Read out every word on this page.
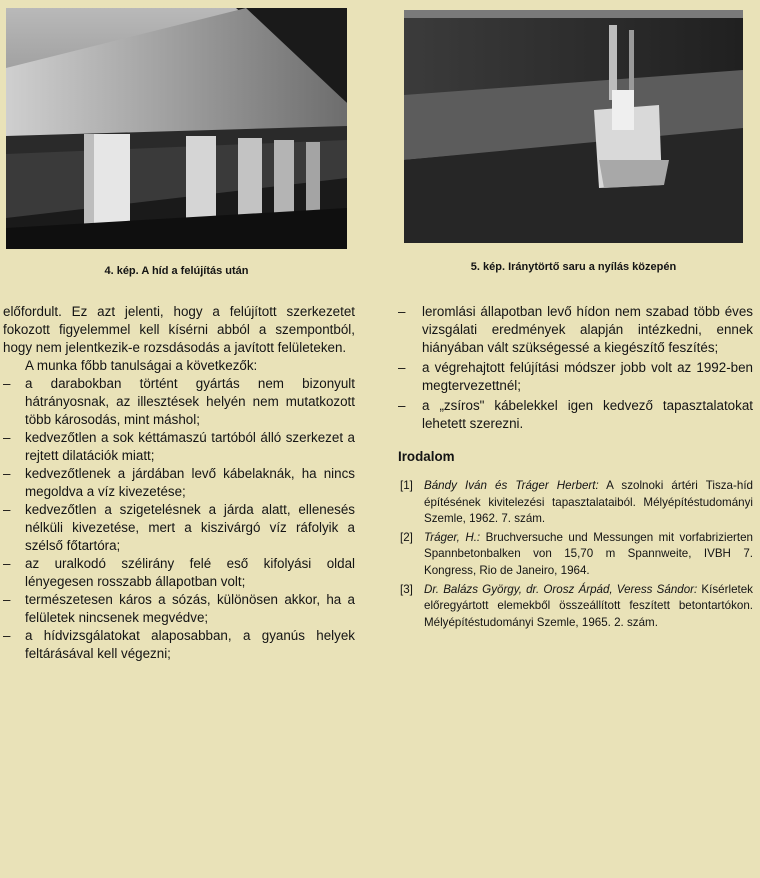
4. kép. A híd a felújítás után	5. kép. Iránytörtő saru a nyílás közepén

előfordult. Ez azt jelenti, hogy a felújított szerkezetet fokozott figyelemmel kell kísérni abból a szempontból, hogy nem jelentkezik-e rozsdásodás a javított felületeken.

A munka főbb tanulságai a következők:

– a darabokban történt gyártás nem bizonyult hátrányosnak, az illesztések helyén nem mutatkozott több károsodás, mint máshol;

– kedvezőtlen a sok kéttámaszú tartóból álló szerkezet a rejtett dilatációk miatt;

– kedvezőtlenek a járdában levő kábelaknák, ha nincs megoldva a víz kivezetése;

– kedvezőtlen a szigetelésnek a járda alatt, ellenesés nélküli kivezetése, mert a kiszivárgó víz ráfolyik a szélső főtartóra;

– az uralkodó szélirány felé eső kifolyási oldal lényegesen rosszabb állapotban volt;

– természetesen káros a sózás, különösen akkor, ha a felületek nincsenek megvédve;

– a hídvizsgálatokat alaposabban, a gyanús helyek feltárásával kell végezni;

– leromlási állapotban levő hídon nem szabad több éves vizsgálati eredmények alapján intézkedni, ennek hiányában vált szükségessé a kiegészítő feszítés;

– a végrehajtott felújítási módszer jobb volt az 1992-ben megtervezettnél;

– a „zsíros" kábelekkel igen kedvező tapasztalatokat lehetett szerezni.

Irodalom

[1] Bándy Iván és Tráger Herbert: A szolnoki ártéri Tisza-híd építésének kivitelezési tapasztalataiból. Mélyépítéstudományi Szemle, 1962. 7. szám.

[2] Tráger, H.: Bruchversuche und Messungen mit vorfabrizierten Spannbetonbalken von 15,70 m Spannweite, IVBH 7. Kongress, Rio de Janeiro, 1964.

[3] Dr. Balázs György, dr. Orosz Árpád, Veress Sándor: Kísérletek előregyártott elemekből összeállított feszített betontartókon. Mélyépítéstudományi Szemle, 1965. 2. szám.
